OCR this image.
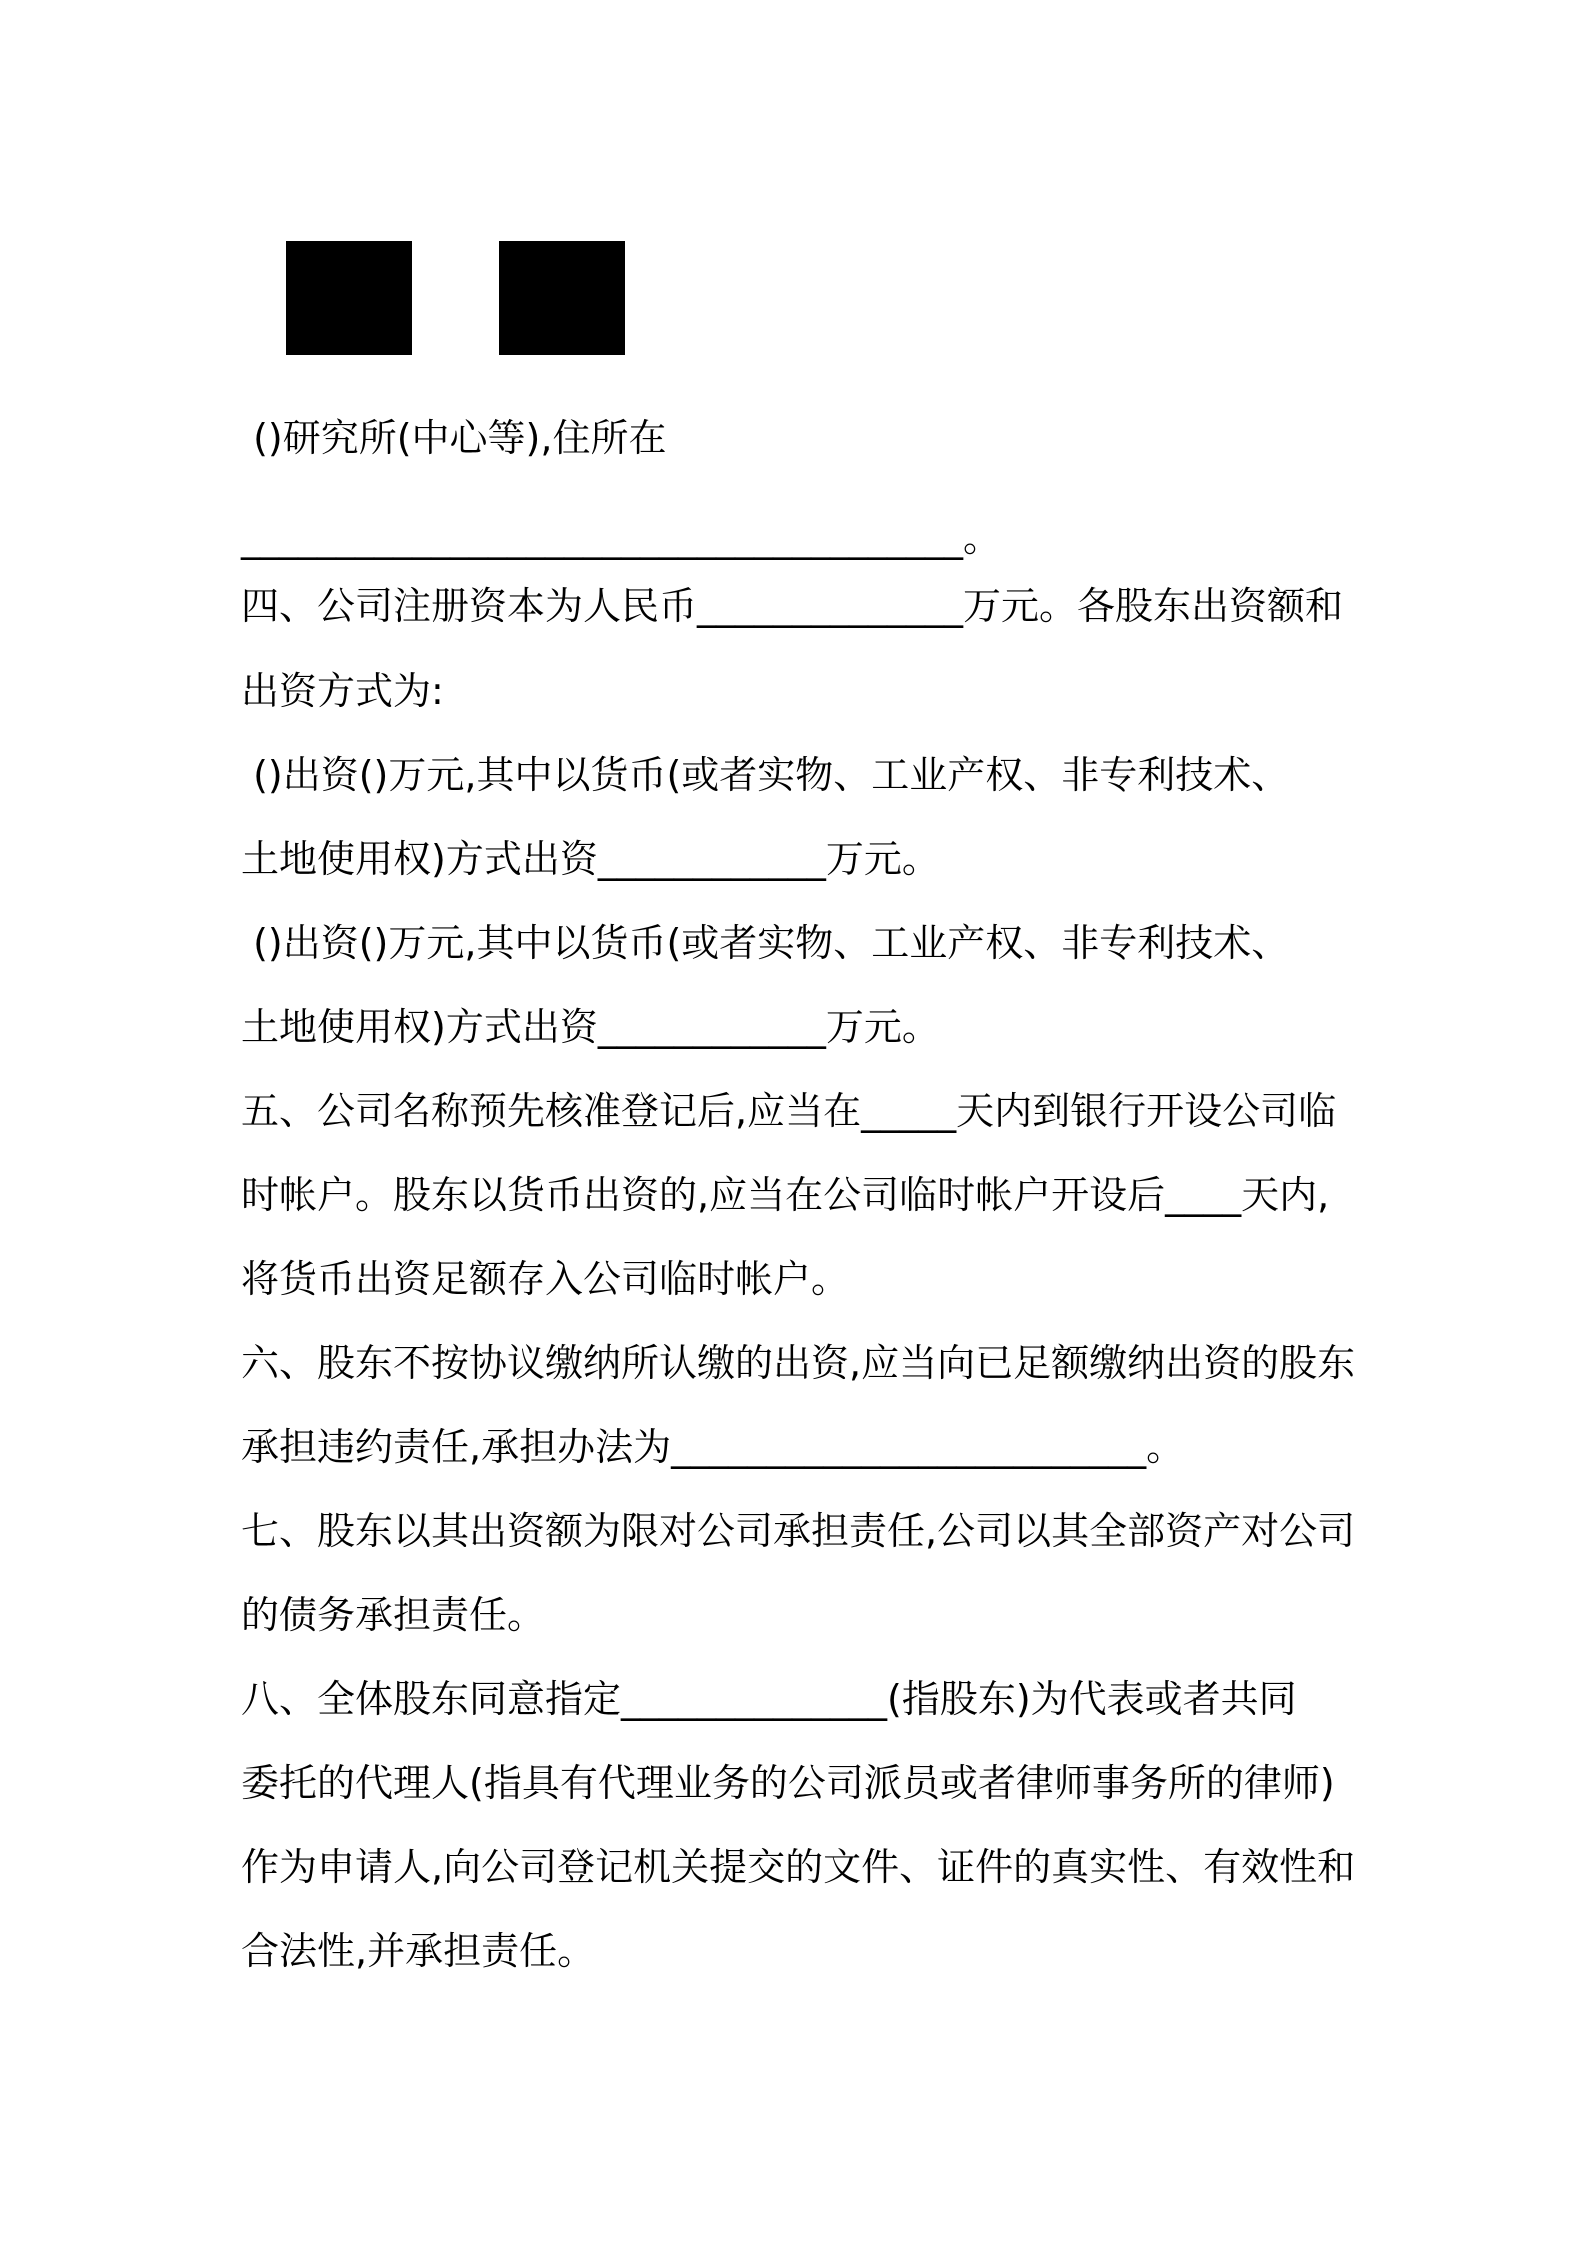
()研究所(中心等),住所在
______________________________________。
四、公司注册资本为人民币______________万元。各股东出资额和
出资方式为:
()出资()万元,其中以货币(或者实物、工业产权、非专利技术、
土地使用权)方式出资____________万元。
()出资()万元,其中以货币(或者实物、工业产权、非专利技术、
土地使用权)方式出资____________万元。
五、公司名称预先核准登记后,应当在_____天内到银行开设公司临
时帐户。股东以货币出资的,应当在公司临时帐户开设后____天内,
将货币出资足额存入公司临时帐户。
六、股东不按协议缴纳所认缴的出资,应当向已足额缴纳出资的股东
承担违约责任,承担办法为_________________________。
七、股东以其出资额为限对公司承担责任,公司以其全部资产对公司
的债务承担责任。
八、全体股东同意指定______________(指股东)为代表或者共同
委托的代理人(指具有代理业务的公司派员或者律师事务所的律师)
作为申请人,向公司登记机关提交的文件、证件的真实性、有效性和
合法性,并承担责任。
